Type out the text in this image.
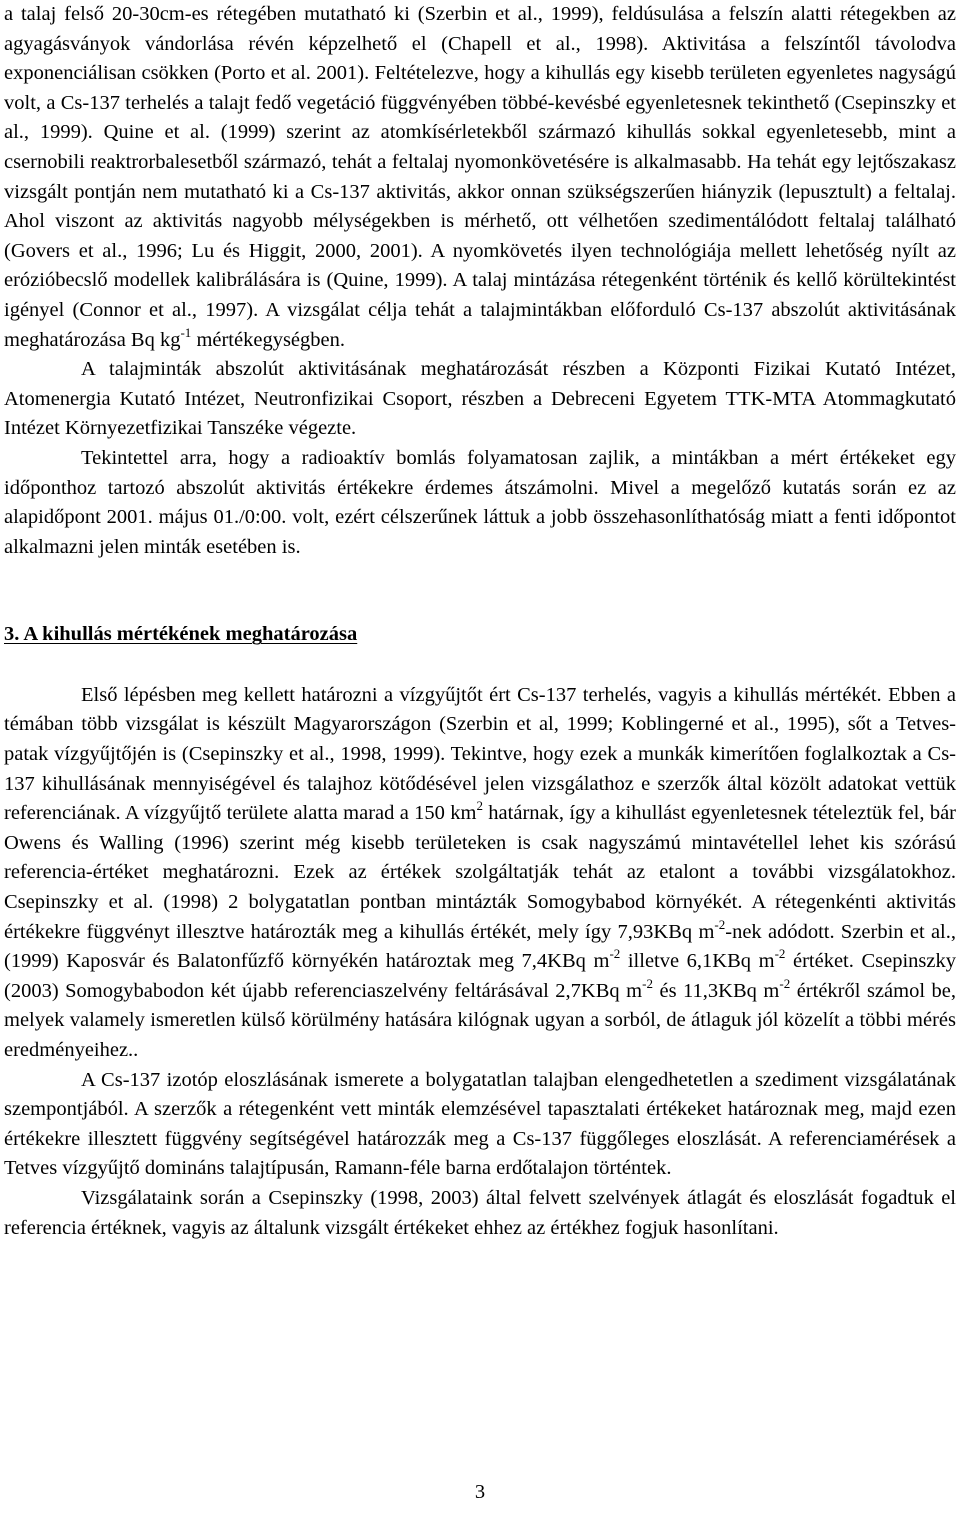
a talaj felső 20-30cm-es rétegében mutatható ki (Szerbin et al., 1999), feldúsulása a felszín alatti rétegekben az agyagásványok vándorlása révén képzelhető el (Chapell et al., 1998). Aktivitása a felszíntől távolodva exponenciálisan csökken (Porto et al. 2001). Feltételezve, hogy a kihullás egy kisebb területen egyenletes nagyságú volt, a Cs-137 terhelés a talajt fedő vegetáció függvényében többé-kevésbé egyenletesnek tekinthető (Csepinszky et al., 1999). Quine et al. (1999) szerint az atomkísérletekből származó kihullás sokkal egyenletesebb, mint a csernobili reaktrorbalesetből származó, tehát a feltalaj nyomonkövetésére is alkalmasabb. Ha tehát egy lejtőszakasz vizsgált pontján nem mutatható ki a Cs-137 aktivitás, akkor onnan szükségszerűen hiányzik (lepusztult) a feltalaj. Ahol viszont az aktivitás nagyobb mélységekben is mérhető, ott vélhetően szedimentálódott feltalaj található (Govers et al., 1996; Lu és Higgit, 2000, 2001). A nyomkövetés ilyen technológiája mellett lehetőség nyílt az erózióbecslő modellek kalibrálására is (Quine, 1999). A talaj mintázása rétegenként történik és kellő körültekintést igényel (Connor et al., 1997). A vizsgálat célja tehát a talajmintákban előforduló Cs-137 abszolút aktivitásának meghatározása Bq $kg^{-1}$ mértékegységben.

A talajminták abszolút aktivitásának meghatározását részben a Központi Fizikai Kutató Intézet, Atomenergia Kutató Intézet, Neutronfizikai Csoport, részben a Debreceni Egyetem TTK-MTA Atommagkutató Intézet Környezetfizikai Tanszéke végezte.

Tekintettel arra, hogy a radioaktív bomlás folyamatosan zajlik, a mintákban a mért értékeket egy időponthoz tartozó abszolút aktivitás értékekre érdemes átszámolni. Mivel a megelőző kutatás során ez az alapidőpont 2001. május 01./0:00. volt, ezért célszerűnek láttuk a jobb összehasonlíthatóság miatt a fenti időpontot alkalmazni jelen minták esetében is.

3. A kihullás mértékének meghatározása

Első lépésben meg kellett határozni a vízgyűjtőt ért Cs-137 terhelés, vagyis a kihullás mértékét. Ebben a témában több vizsgálat is készült Magyarországon (Szerbin et al, 1999; Koblingerné et al., 1995), sőt a Tetves-patak vízgyűjtőjén is (Csepinszky et al., 1998, 1999). Tekintve, hogy ezek a munkák kimerítően foglalkoztak a Cs-137 kihullásának mennyiségével és talajhoz kötődésével jelen vizsgálathoz e szerzők által közölt adatokat vettük referenciának. A vízgyűjtő területe alatta marad a 150 $km^2$ határnak, így a kihullást egyenletesnek tételeztük fel, bár Owens és Walling (1996) szerint még kisebb területeken is csak nagyszámú mintavétellel lehet kis szórású referencia-értéket meghatározni. Ezek az értékek szolgáltatják tehát az etalont a további vizsgálatokhoz. Csepinszky et al. (1998) 2 bolygatatlan pontban mintázták Somogybabod környékét. A rétegenkénti aktivitás értékekre függvényt illesztve határozták meg a kihullás értékét, mely így 7,93KBq $m^{-2}$-nek adódott. Szerbin et al., (1999) Kaposvár és Balatonfűzfő környékén határoztak meg 7,4KBq $m^{-2}$ illetve 6,1KBq $m^{-2}$ értéket. Csepinszky (2003) Somogybabodon két újabb referenciaszelvény feltárásával 2,7KBq $m^{-2}$ és 11,3KBq $m^{-2}$ értékről számol be, melyek valamely ismeretlen külső körülmény hatására kilógnak ugyan a sorból, de átlaguk jól közelít a többi mérés eredményeihez..

A Cs-137 izotóp eloszlásának ismerete a bolygatatlan talajban elengedhetetlen a szediment vizsgálatának szempontjából. A szerzők a rétegenként vett minták elemzésével tapasztalati értékeket határoznak meg, majd ezen értékekre illesztett függvény segítségével határozzák meg a Cs-137 függőleges eloszlását. A referenciamérések a Tetves vízgyűjtő domináns talajtípusán, Ramann-féle barna erdőtalajon történtek.

Vizsgálataink során a Csepinszky (1998, 2003) által felvett szelvények átlagát és eloszlását fogadtuk el referencia értéknek, vagyis az általunk vizsgált értékeket ehhez az értékhez fogjuk hasonlítani.

3
